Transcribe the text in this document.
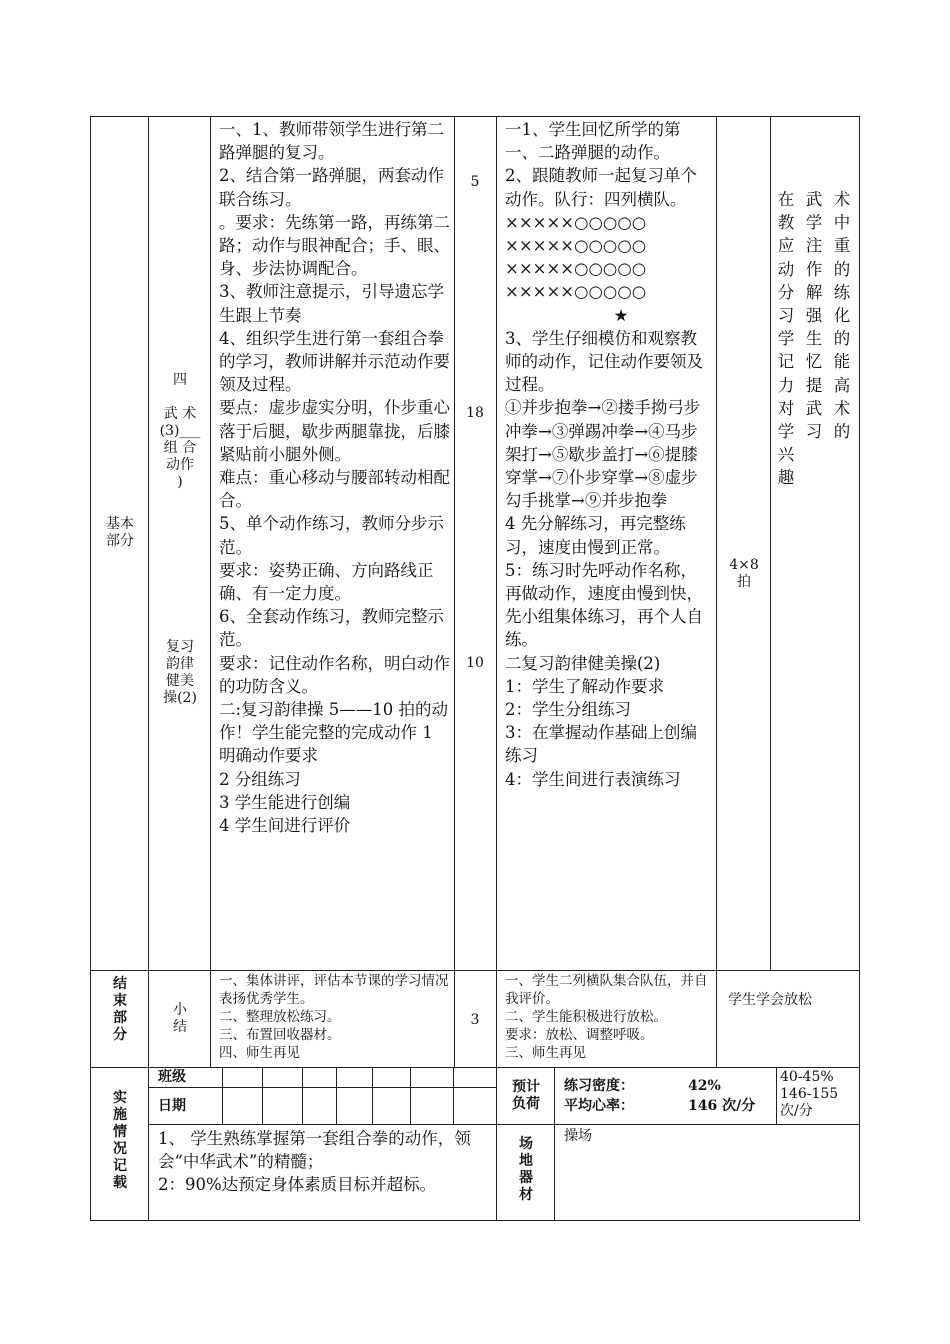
基本
部分
四

武 术
(3)___
组 合
动作
)
复习
韵律
健美
操(2)
一、1、教师带领学生进行第二路弹腿的复习。
2、结合第一路弹腿，两套动作联合练习。
。要求：先练第一路，再练第二路；动作与眼神配合；手、眼、身、步法协调配合。
3、教师注意提示，引导遗忘学生跟上节奏
4、组织学生进行第一套组合拳的学习，教师讲解并示范动作要领及过程。
要点：虚步虚实分明，仆步重心落于后腿，歇步两腿靠拢，后膝紧贴前小腿外侧。
难点：重心移动与腰部转动相配合。
5、单个动作练习，教师分步示范。
要求：姿势正确、方向路线正确、有一定力度。
6、全套动作练习，教师完整示范。
要求：记住动作名称，明白动作的功防含义。
二:复习韵律操 5——10 拍的动作！学生能完整的完成动作 1 明确动作要求
2 分组练习
3 学生能进行创编
4 学生间进行评价
5
18
10
一1、学生回忆所学的第一、二路弹腿的动作。
2、跟随教师一起复习单个动作。队行：四列横队。
×××××○○○○○
×××××○○○○○
×××××○○○○○
×××××○○○○○
★
3、学生仔细模仿和观察教师的动作，记住动作要领及过程。
①并步抱拳→②搂手拗弓步冲拳→③弹踢冲拳→④马步架打→⑤歇步盖打→⑥提膝穿掌→⑦仆步穿掌→⑧虚步勾手挑掌→⑨并步抱拳
4 先分解练习，再完整练习，速度由慢到正常。
5：练习时先呼动作名称，再做动作，速度由慢到快，先小组集体练习，再个人自练。
二复习韵律健美操(2)
1：学生了解动作要求
2：学生分组练习
3：在掌握动作基础上创编练习
4：学生间进行表演练习
4×8
拍
在教应动分习学记力对学兴趣
武学注作解强生忆提武习
术中重的练化的能高术的
结
束
部
分
小
结
一、集体讲评，评估本节课的学习情况表扬优秀学生。
二、整理放松练习。
三、布置回收器材。
四、师生再见
3
一、学生二列横队集合队伍，并自我评价。
二、学生能积极进行放松。
要求：放松、调整呼吸。
三、师生再见
学生学会放松
实
施
情
况
记
载
班级
日期
预计
负荷
练习密度：	42%
平均心率：	146 次/分
40-45%
146-155
次/分
1、 学生熟练掌握第一套组合拳的动作，领会“中华武术”的精髓；
2：90%达预定身体素质目标并超标。
场
地
器
材
操场
